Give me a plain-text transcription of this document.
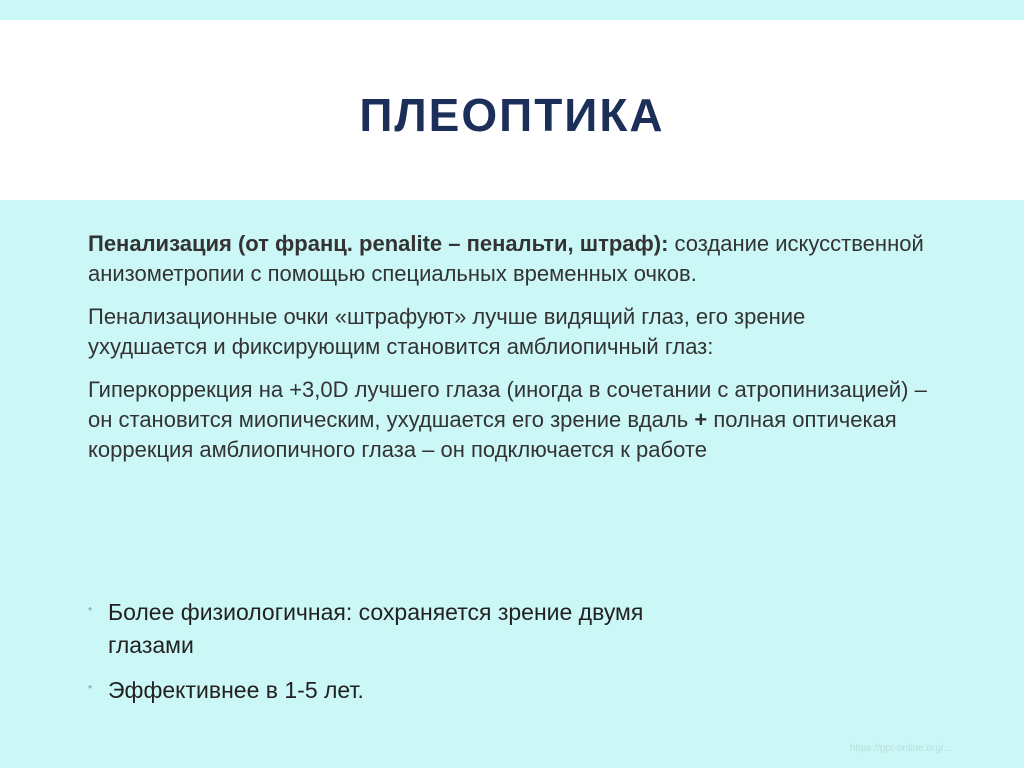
ПЛЕОПТИКА

Пенализация (от франц. penalite – пенальти, штраф): создание искусственной анизометропии с помощью специальных временных очков.

Пенализационные очки «штрафуют» лучше видящий глаз, его зрение ухудшается и фиксирующим становится амблиопичный глаз:

Гиперкоррекция на +3,0D лучшего глаза (иногда в сочетании с атропинизацией) – он становится миопическим, ухудшается его зрение вдаль + полная оптичекая коррекция амблиопичного глаза – он подключается к работе

• Более физиологичная: сохраняется зрение двумя глазами
• Эффективнее в 1-5 лет.
https://ppt-online.org/...
